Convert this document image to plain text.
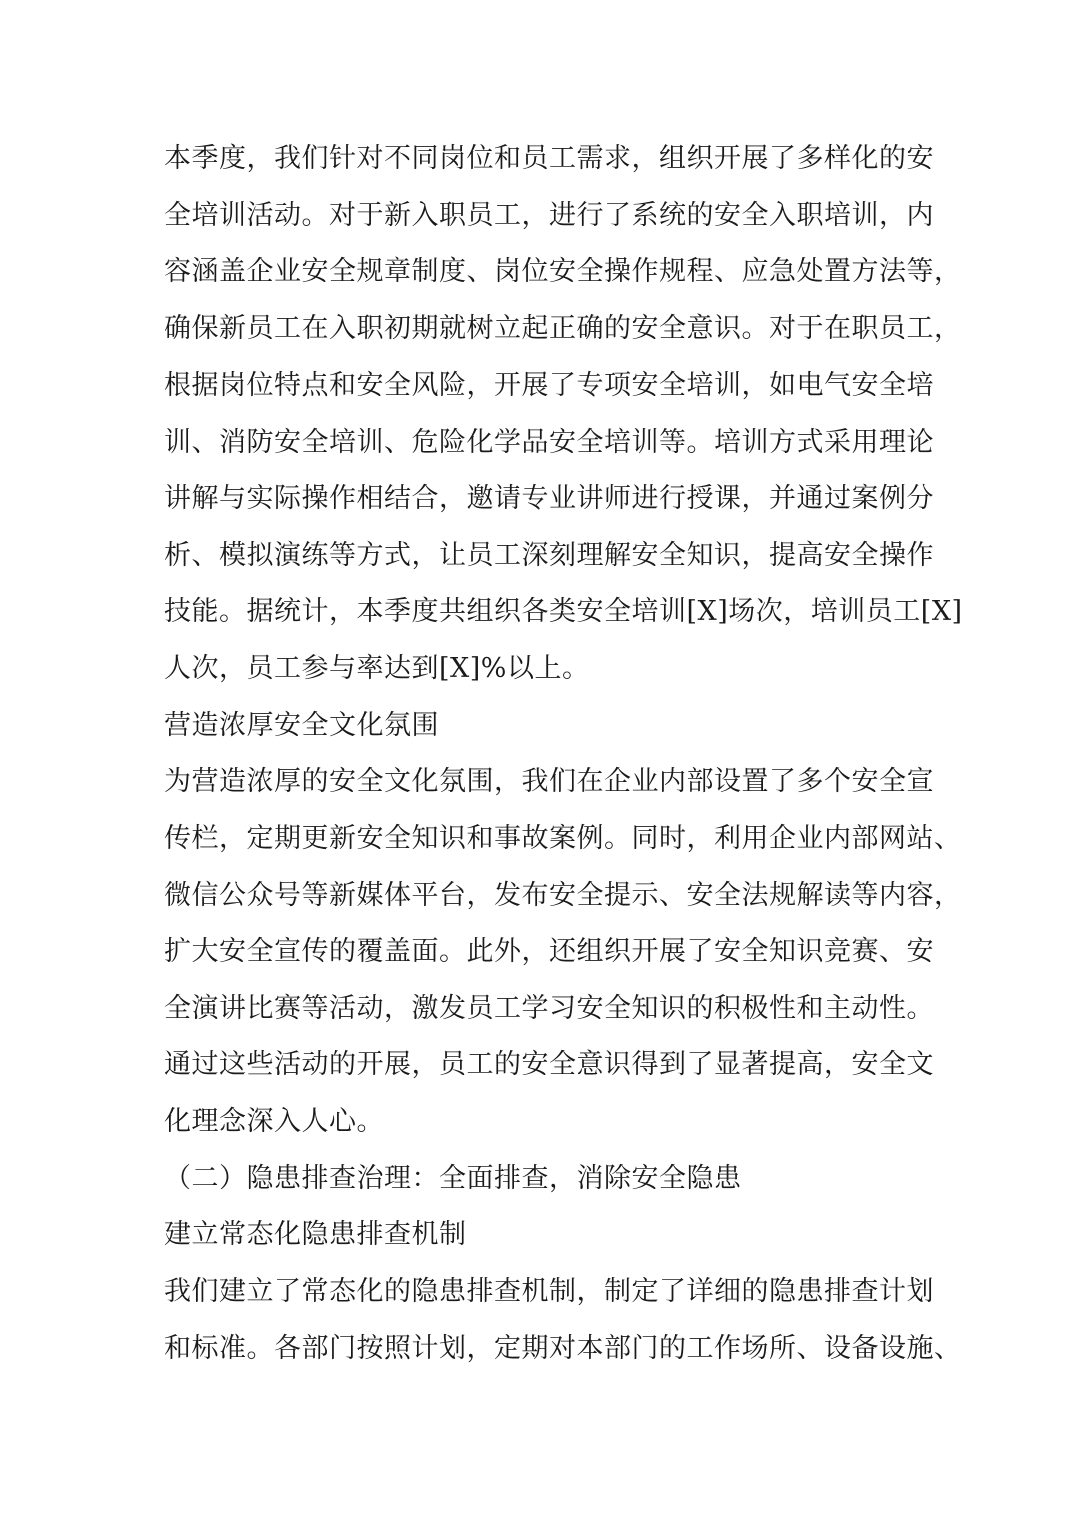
本季度，我们针对不同岗位和员工需求，组织开展了多样化的安
全培训活动。对于新入职员工，进行了系统的安全入职培训，内
容涵盖企业安全规章制度、岗位安全操作规程、应急处置方法等，
确保新员工在入职初期就树立起正确的安全意识。对于在职员工，
根据岗位特点和安全风险，开展了专项安全培训，如电气安全培
训、消防安全培训、危险化学品安全培训等。培训方式采用理论
讲解与实际操作相结合，邀请专业讲师进行授课，并通过案例分
析、模拟演练等方式，让员工深刻理解安全知识，提高安全操作
技能。据统计，本季度共组织各类安全培训[X]场次，培训员工[X]
人次，员工参与率达到[X]%以上。
营造浓厚安全文化氛围
为营造浓厚的安全文化氛围，我们在企业内部设置了多个安全宣
传栏，定期更新安全知识和事故案例。同时，利用企业内部网站、
微信公众号等新媒体平台，发布安全提示、安全法规解读等内容，
扩大安全宣传的覆盖面。此外，还组织开展了安全知识竞赛、安
全演讲比赛等活动，激发员工学习安全知识的积极性和主动性。
通过这些活动的开展，员工的安全意识得到了显著提高，安全文
化理念深入人心。
（二）隐患排查治理：全面排查，消除安全隐患
建立常态化隐患排查机制
我们建立了常态化的隐患排查机制，制定了详细的隐患排查计划
和标准。各部门按照计划，定期对本部门的工作场所、设备设施、
